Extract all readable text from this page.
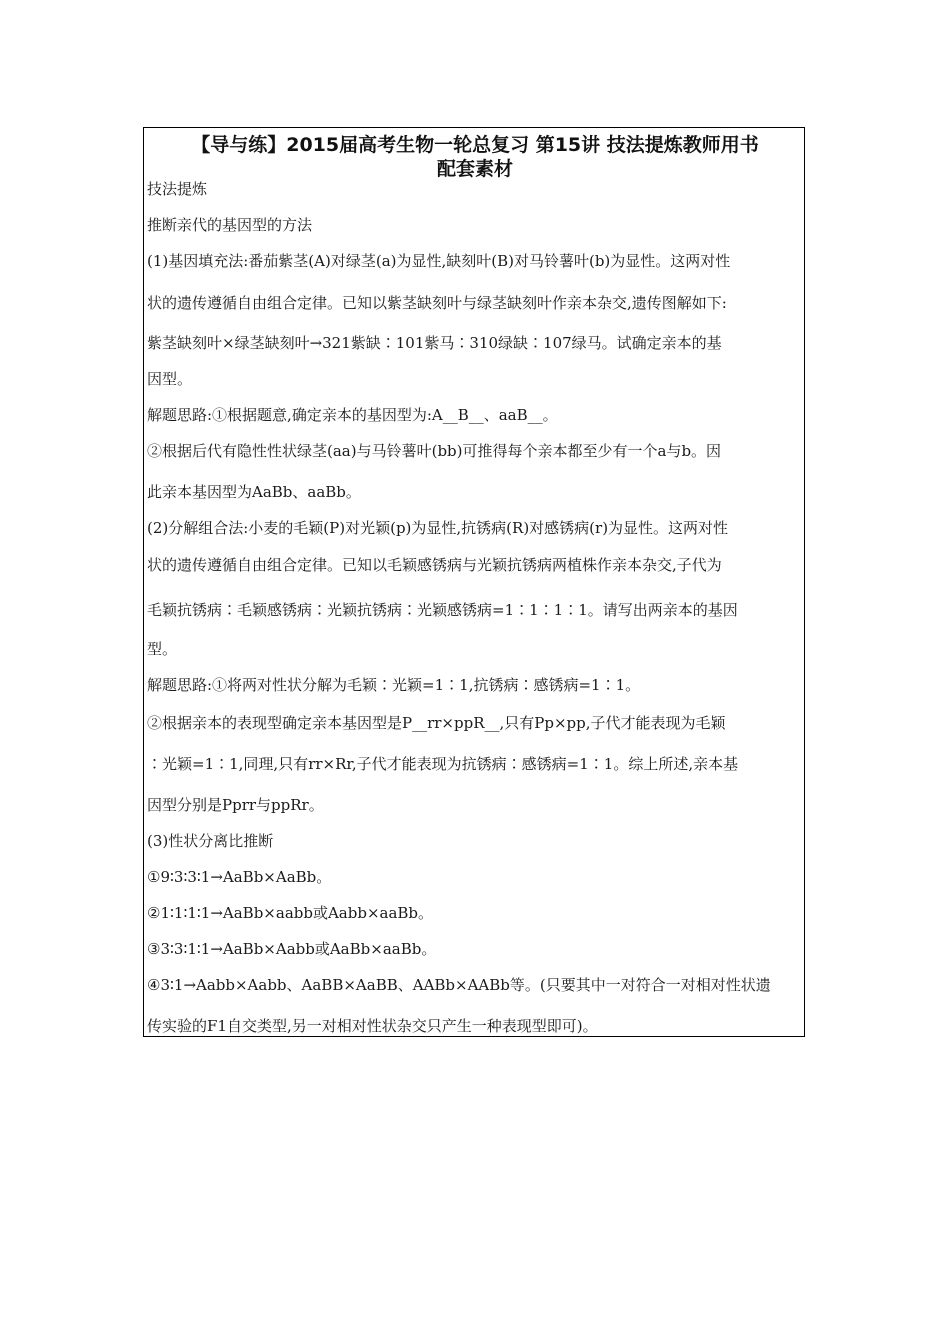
【导与练】2015届高考生物一轮总复习 第15讲 技法提炼教师用书
配套素材
技法提炼
推断亲代的基因型的方法
(1)基因填充法:番茄紫茎(A)对绿茎(a)为显性,缺刻叶(B)对马铃薯叶(b)为显性。这两对性
状的遗传遵循自由组合定律。已知以紫茎缺刻叶与绿茎缺刻叶作亲本杂交,遗传图解如下:
紫茎缺刻叶×绿茎缺刻叶→321紫缺∶101紫马∶310绿缺∶107绿马。试确定亲本的基
因型。
解题思路:①根据题意,确定亲本的基因型为:A__B__、aaB__。
②根据后代有隐性性状绿茎(aa)与马铃薯叶(bb)可推得每个亲本都至少有一个a与b。因
此亲本基因型为AaBb、aaBb。
(2)分解组合法:小麦的毛颖(P)对光颖(p)为显性,抗锈病(R)对感锈病(r)为显性。这两对性
状的遗传遵循自由组合定律。已知以毛颖感锈病与光颖抗锈病两植株作亲本杂交,子代为
毛颖抗锈病∶毛颖感锈病∶光颖抗锈病∶光颖感锈病=1∶1∶1∶1。请写出两亲本的基因
型。
解题思路:①将两对性状分解为毛颖∶光颖=1∶1,抗锈病∶感锈病=1∶1。
②根据亲本的表现型确定亲本基因型是P__rr×ppR__,只有Pp×pp,子代才能表现为毛颖
∶光颖=1∶1,同理,只有rr×Rr,子代才能表现为抗锈病∶感锈病=1∶1。综上所述,亲本基
因型分别是Pprr与ppRr。
(3)性状分离比推断
①9∶3∶3∶1→AaBb×AaBb。
②1∶1∶1∶1→AaBb×aabb或Aabb×aaBb。
③3∶3∶1∶1→AaBb×Aabb或AaBb×aaBb。
④3∶1→Aabb×Aabb、AaBB×AaBB、AABb×AABb等。(只要其中一对符合一对相对性状遗
传实验的F1自交类型,另一对相对性状杂交只产生一种表现型即可)。
